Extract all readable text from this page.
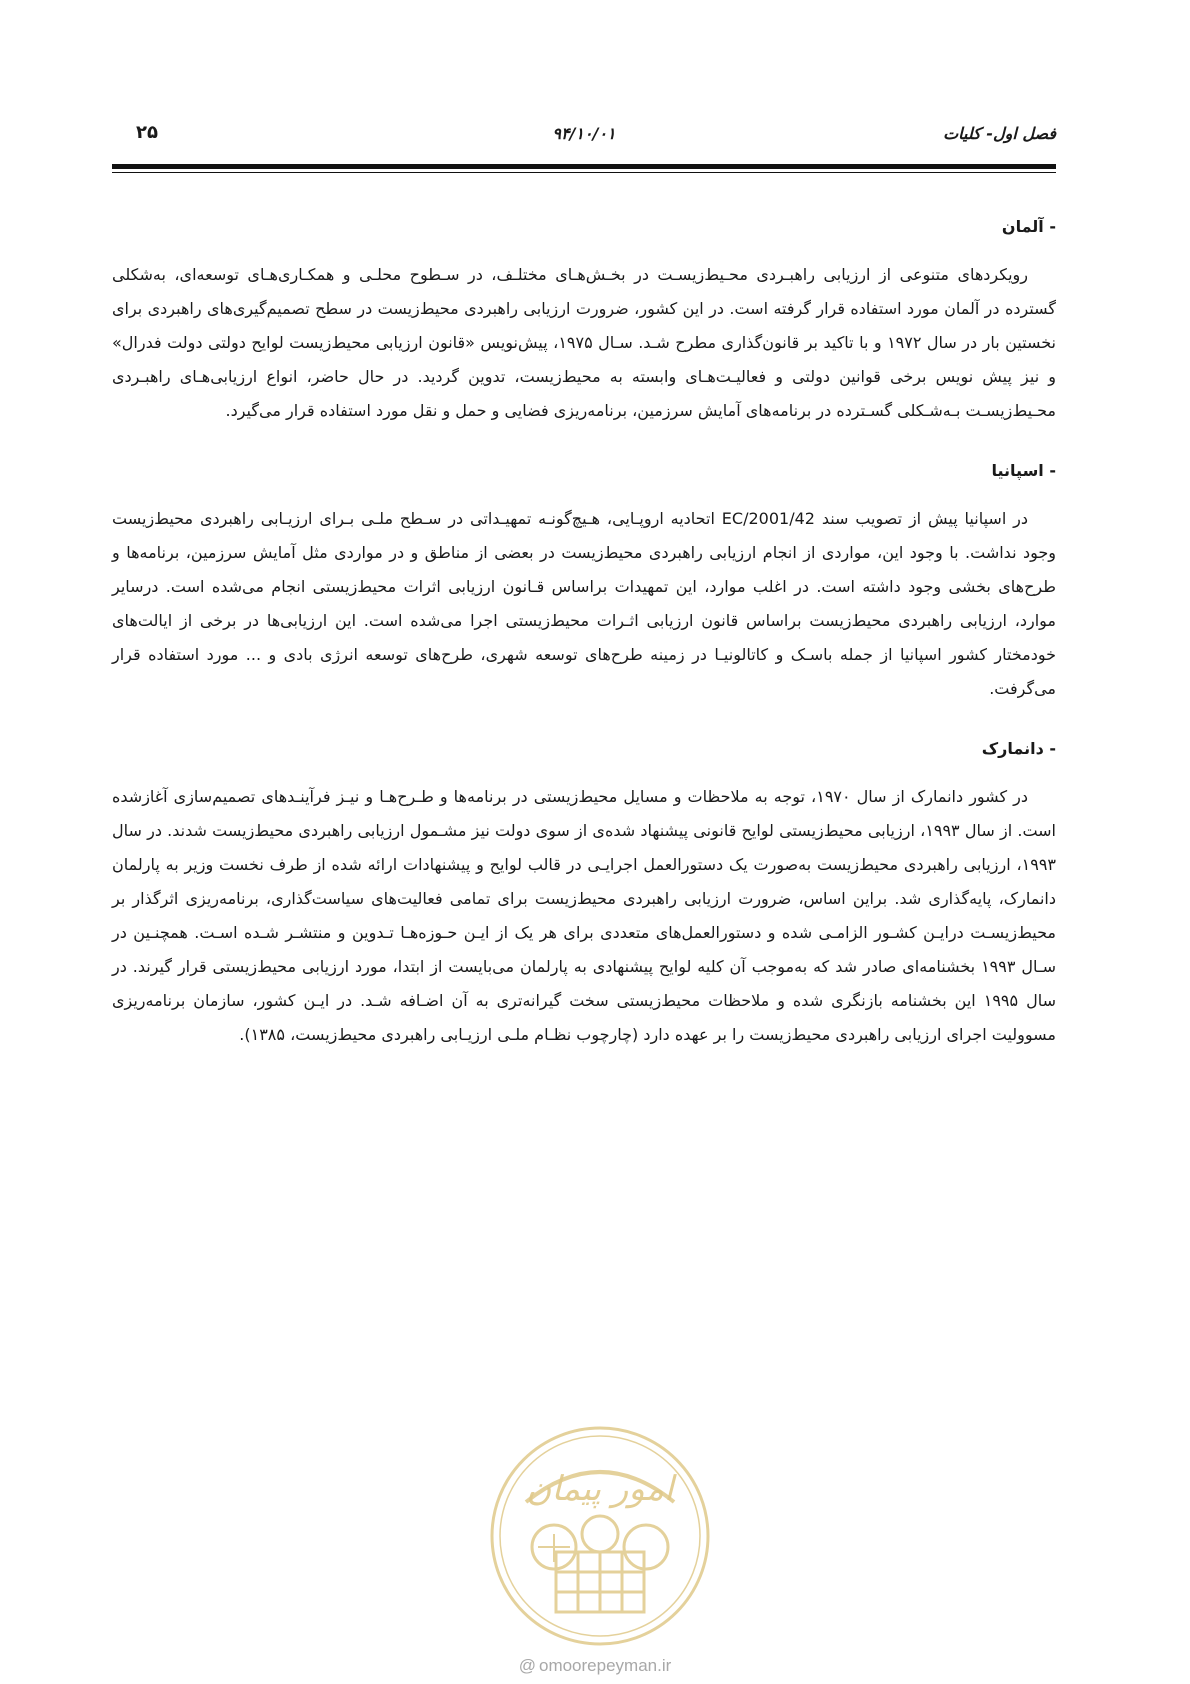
فصل اول- کلیات
۹۴/۱۰/۰۱
۲۵
- آلمان

رویکردهای متنوعی از ارزیابی راهبـردی محـیط‌زیسـت در بخـش‌هـای مختلـف، در سـطوح محلـی و همکـاری‌هـای توسعه‌ای، به‌شکلی گسترده در آلمان مورد استفاده قرار گرفته است. در این کشور، ضرورت ارزیابی راهبردی محیط‌زیست در سطح تصمیم‌گیری‌های راهبردی برای نخستین بار در سال ۱۹۷۲ و با تاکید بر قانون‌گذاری مطرح شـد. سـال ۱۹۷۵، پیش‌نویس «قانون ارزیابی محیط‌زیست لوایح دولتی دولت فدرال» و نیز پیش نویس برخی قوانین دولتی و فعالیـت‌هـای وابسته به محیط‌زیست، تدوین گردید. در حال حاضر، انواع ارزیابی‌هـای راهبـردی محـیط‌زیسـت بـه‌شـکلی گسـترده در برنامه‌های آمایش سرزمین، برنامه‌ریزی فضایی و حمل و نقل مورد استفاده قرار می‌گیرد.

- اسپانیا

در اسپانیا پیش از تصویب سند 2001/42/EC اتحادیه اروپـایی، هـیچ‌گونـه تمهیـداتی در سـطح ملـی بـرای ارزیـابی راهبردی محیط‌زیست وجود نداشت. با وجود این، مواردی از انجام ارزیابی راهبردی محیط‌زیست در بعضی از مناطق و در مواردی مثل آمایش سرزمین، برنامه‌ها و طرح‌های بخشی وجود داشته است. در اغلب موارد، این تمهیدات براساس قـانون ارزیابی اثرات محیط‌زیستی انجام می‌شده است. درسایر موارد، ارزیابی راهبردی محیط‌زیست براساس قانون ارزیابی اثـرات محیط‌زیستی اجرا می‌شده است. این ارزیابی‌ها در برخی از ایالت‌های خودمختار کشور اسپانیا از جمله باسـک و کاتالونیـا در زمینه طرح‌های توسعه شهری، طرح‌های توسعه انرژی بادی و ... مورد استفاده قرار می‌گرفت.

- دانمارک

در کشور دانمارک از سال ۱۹۷۰، توجه به ملاحظات و مسایل محیط‌زیستی در برنامه‌ها و طـرح‌هـا و نیـز فرآینـدهای تصمیم‌سازی آغازشده است. از سال ۱۹۹۳، ارزیابی محیط‌زیستی لوایح قانونی پیشنهاد شده‌ی از سوی دولت نیز مشـمول ارزیابی راهبردی محیط‌زیست شدند. در سال ۱۹۹۳، ارزیابی راهبردی محیط‌زیست به‌صورت یک دستورالعمل اجرایـی در قالب لوایح و پیشنهادات ارائه شده از طرف نخست وزیر به پارلمان دانمارک، پایه‌گذاری شد. براین اساس، ضرورت ارزیابی راهبردی محیط‌زیست برای تمامی فعالیت‌های سیاست‌گذاری، برنامه‌ریزی اثرگذار بر محیط‌زیسـت درایـن کشـور الزامـی شده و دستورالعمل‌های متعددی برای هر یک از ایـن حـوزه‌هـا تـدوین و منتشـر شـده اسـت. همچنـین در سـال ۱۹۹۳ بخشنامه‌ای صادر شد که به‌موجب آن کلیه لوایح پیشنهادی به پارلمان می‌بایست از ابتدا، مورد ارزیابی محیط‌زیستی قرار گیرند. در سال ۱۹۹۵ این بخشنامه بازنگری شده و ملاحظات محیط‌زیستی سخت گیرانه‌تری به آن اضـافه شـد. در ایـن کشور، سازمان برنامه‌ریزی مسوولیت اجرای ارزیابی راهبردی محیط‌زیست را بر عهده دارد (چارچوب نظـام ملـی ارزیـابی راهبردی محیط‌زیست، ۱۳۸۵).

امور پیمان
@ omoorepeyman.ir
